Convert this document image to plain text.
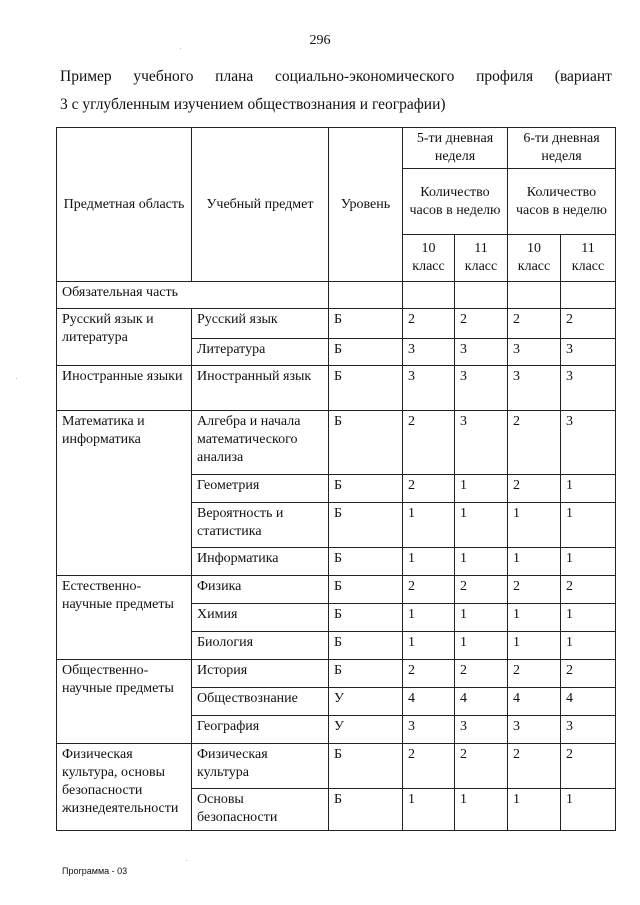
296
Пример учебного плана социально-экономического профиля (вариант
3 с углубленным изучением обществознания и географии)
Предметная область	Учебный предмет	Уровень	5-ти дневная неделя		6-ти дневная неделя	
			Количество часов в неделю		Количество часов в неделю	
			10 класс	11 класс	10 класс	11 класс
Обязательная часть						
Русский язык и литература	Русский язык	Б	2	2	2	2
	Литература	Б	3	3	3	3
Иностранные языки	Иностранный язык	Б	3	3	3	3
Математика и информатика	Алгебра и начала математического анализа	Б	2	3	2	3
	Геометрия	Б	2	1	2	1
	Вероятность и статистика	Б	1	1	1	1
	Информатика	Б	1	1	1	1
Естественно-научные предметы	Физика	Б	2	2	2	2
	Химия	Б	1	1	1	1
	Биология	Б	1	1	1	1
Общественно-научные предметы	История	Б	2	2	2	2
	Обществознание	У	4	4	4	4
	География	У	3	3	3	3
Физическая культура, основы безопасности жизнедеятельности	Физическая культура	Б	2	2	2	2
	Основы безопасности	Б	1	1	1	1
Программа - 03
